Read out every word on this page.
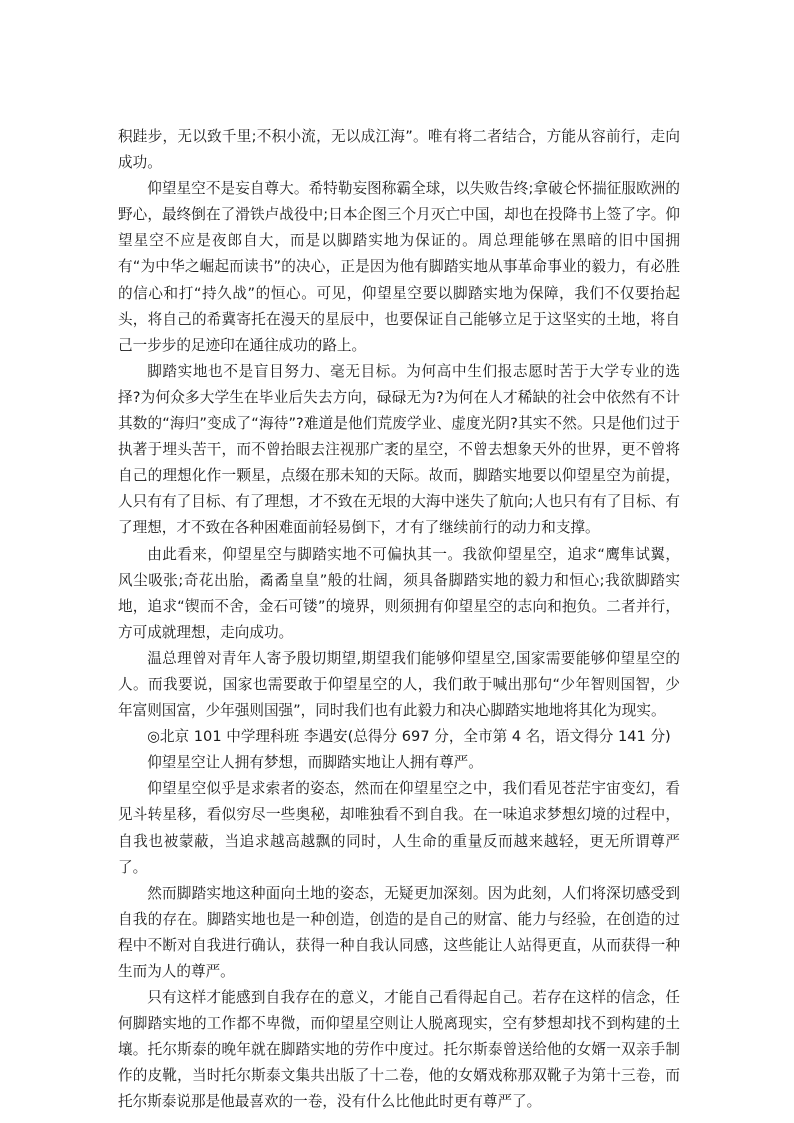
积跬步，无以致千里;不积小流，无以成江海”。唯有将二者结合，方能从容前行，走向成功。

仰望星空不是妄自尊大。希特勒妄图称霸全球，以失败告终;拿破仑怀揣征服欧洲的野心，最终倒在了滑铁卢战役中;日本企图三个月灭亡中国，却也在投降书上签了字。仰望星空不应是夜郎自大，而是以脚踏实地为保证的。周总理能够在黑暗的旧中国拥有“为中华之崛起而读书”的决心，正是因为他有脚踏实地从事革命事业的毅力，有必胜的信心和打“持久战”的恒心。可见，仰望星空要以脚踏实地为保障，我们不仅要抬起头，将自己的希冀寄托在漫天的星辰中，也要保证自己能够立足于这坚实的土地，将自己一步步的足迹印在通往成功的路上。

脚踏实地也不是盲目努力、毫无目标。为何高中生们报志愿时苦于大学专业的选择?为何众多大学生在毕业后失去方向，碌碌无为?为何在人才稀缺的社会中依然有不计其数的“海归”变成了“海待”?难道是他们荒废学业、虚度光阴?其实不然。只是他们过于执著于埋头苦干，而不曾抬眼去注视那广袤的星空，不曾去想象天外的世界，更不曾将自己的理想化作一颗星，点缀在那未知的天际。故而，脚踏实地要以仰望星空为前提，人只有有了目标、有了理想，才不致在无垠的大海中迷失了航向;人也只有有了目标、有了理想，才不致在各种困难面前轻易倒下，才有了继续前行的动力和支撑。

由此看来，仰望星空与脚踏实地不可偏执其一。我欲仰望星空，追求“鹰隼试翼，风尘吸张;奇花出胎，矞矞皇皇”般的壮阔，须具备脚踏实地的毅力和恒心;我欲脚踏实地，追求“锲而不舍，金石可镂”的境界，则须拥有仰望星空的志向和抱负。二者并行，方可成就理想，走向成功。

温总理曾对青年人寄予殷切期望,期望我们能够仰望星空,国家需要能够仰望星空的人。而我要说，国家也需要敢于仰望星空的人，我们敢于喊出那句“少年智则国智，少年富则国富，少年强则国强”，同时我们也有此毅力和决心脚踏实地地将其化为现实。

◎北京 101 中学理科班 李遇安(总得分 697 分，全市第 4 名，语文得分 141 分)

仰望星空让人拥有梦想，而脚踏实地让人拥有尊严。

仰望星空似乎是求索者的姿态，然而在仰望星空之中，我们看见苍茫宇宙变幻，看见斗转星移，看似穷尽一些奥秘，却唯独看不到自我。在一味追求梦想幻境的过程中，自我也被蒙蔽，当追求越高越飘的同时，人生命的重量反而越来越轻，更无所谓尊严了。

然而脚踏实地这种面向土地的姿态，无疑更加深刻。因为此刻，人们将深切感受到自我的存在。脚踏实地也是一种创造，创造的是自己的财富、能力与经验，在创造的过程中不断对自我进行确认，获得一种自我认同感，这些能让人站得更直，从而获得一种生而为人的尊严。

只有这样才能感到自我存在的意义，才能自己看得起自己。若存在这样的信念，任何脚踏实地的工作都不卑微，而仰望星空则让人脱离现实，空有梦想却找不到构建的土壤。托尔斯泰的晚年就在脚踏实地的劳作中度过。托尔斯泰曾送给他的女婿一双亲手制作的皮靴，当时托尔斯泰文集共出版了十二卷，他的女婿戏称那双靴子为第十三卷，而托尔斯泰说那是他最喜欢的一卷，没有什么比他此时更有尊严了。
